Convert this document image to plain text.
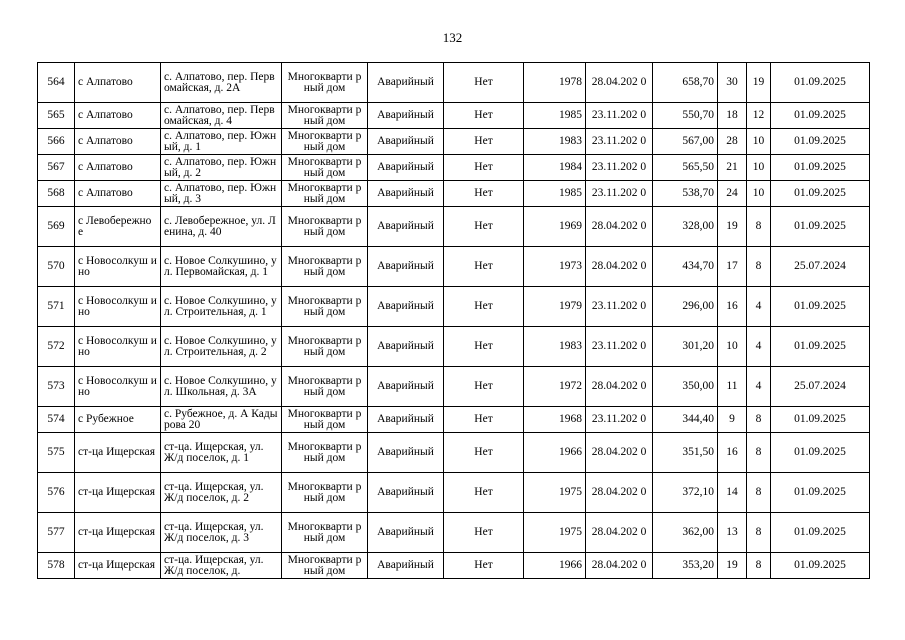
132
564	с Алпатово	с. Алпатово, пер. Первомайская, д. 2А	Многокварти рный дом	Аварийный	Нет	1978	28.04.202 0	658,70	30	19	01.09.2025
565	с Алпатово	с. Алпатово, пер. Первомайская, д. 4	Многокварти рный дом	Аварийный	Нет	1985	23.11.202 0	550,70	18	12	01.09.2025
566	с Алпатово	с. Алпатово, пер. Южный, д. 1	Многокварти рный дом	Аварийный	Нет	1983	23.11.202 0	567,00	28	10	01.09.2025
567	с Алпатово	с. Алпатово, пер. Южный, д. 2	Многокварти рный дом	Аварийный	Нет	1984	23.11.202 0	565,50	21	10	01.09.2025
568	с Алпатово	с. Алпатово, пер. Южный, д. 3	Многокварти рный дом	Аварийный	Нет	1985	23.11.202 0	538,70	24	10	01.09.2025
569	с Левобережно е	с. Левобережное, ул. Ленина, д. 40	Многокварти рный дом	Аварийный	Нет	1969	28.04.202 0	328,00	19	8	01.09.2025
570	с Новосолкуш ино	с. Новое Солкушино, ул. Первомайская, д. 1	Многокварти рный дом	Аварийный	Нет	1973	28.04.202 0	434,70	17	8	25.07.2024
571	с Новосолкуш ино	с. Новое Солкушино, ул. Строительная, д. 1	Многокварти рный дом	Аварийный	Нет	1979	23.11.202 0	296,00	16	4	01.09.2025
572	с Новосолкуш ино	с. Новое Солкушино, ул. Строительная, д. 2	Многокварти рный дом	Аварийный	Нет	1983	23.11.202 0	301,20	10	4	01.09.2025
573	с Новосолкуш ино	с. Новое Солкушино, ул. Школьная, д. 3А	Многокварти рный дом	Аварийный	Нет	1972	28.04.202 0	350,00	11	4	25.07.2024
574	с Рубежное	с. Рубежное, д. А Кадырова 20	Многокварти рный дом	Аварийный	Нет	1968	23.11.202 0	344,40	9	8	01.09.2025
575	ст-ца Ищерская	ст-ца. Ищерская, ул. Ж/д поселок, д. 1	Многокварти рный дом	Аварийный	Нет	1966	28.04.202 0	351,50	16	8	01.09.2025
576	ст-ца Ищерская	ст-ца. Ищерская, ул. Ж/д поселок, д. 2	Многокварти рный дом	Аварийный	Нет	1975	28.04.202 0	372,10	14	8	01.09.2025
577	ст-ца Ищерская	ст-ца. Ищерская, ул. Ж/д поселок, д. 3	Многокварти рный дом	Аварийный	Нет	1975	28.04.202 0	362,00	13	8	01.09.2025
578	ст-ца Ищерская	ст-ца. Ищерская, ул. Ж/д поселок, д.	Многокварти рный дом	Аварийный	Нет	1966	28.04.202 0	353,20	19	8	01.09.2025
